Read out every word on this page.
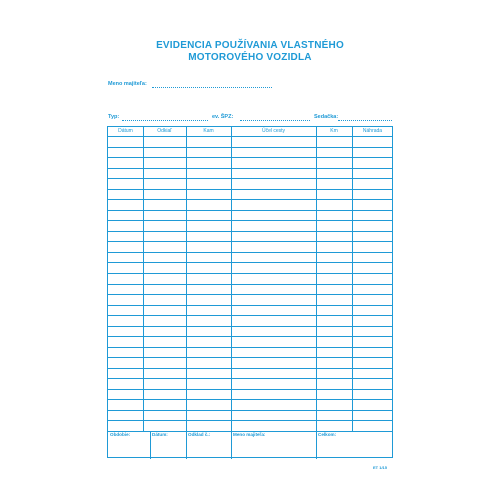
EVIDENCIA POUŽÍVANIA VLASTNÉHO
MOTOROVÉHO VOZIDLA
Meno majiteľa:
Typ:	ev. ŠPZ:	Sedačka:
Dátum	Odkiaľ	Kam	Účel cesty	Km	Náhrada
Obdobie:	Dátum:	Odklad č.:	Meno majiteľa:	Celkom:
ET 1/15
